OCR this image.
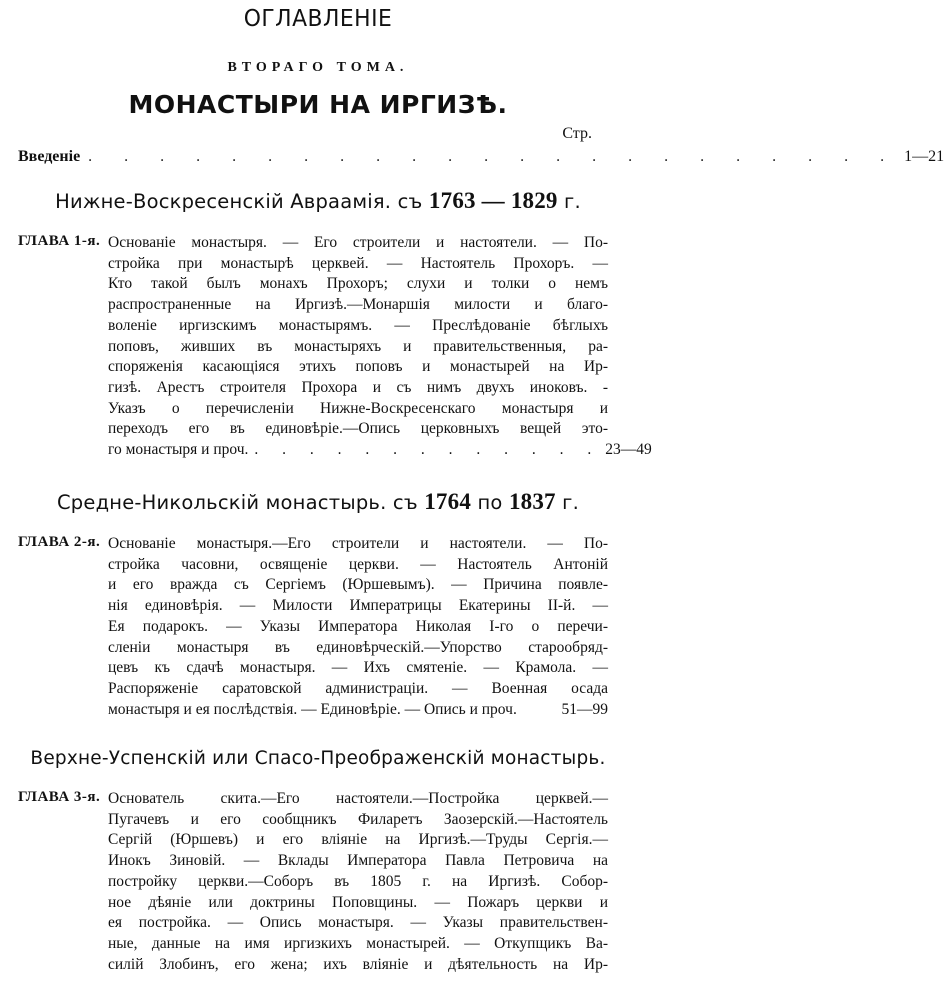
ОГЛАВЛЕНІЕ
ВТОРАГО ТОМА.
МОНАСТЫРИ НА ИРГИЗѢ.
Стр.
Введеніе . . . . . . . . . . . . . . . . . . . . . . . 1—21
Нижне-Воскресенскій Авраамія. съ 1763 — 1829 г.
ГЛАВА 1-я. Основаніе монастыря. — Его строители и настоятели. — По-
стройка при монастырѣ церквей. — Настоятель Прохоръ. —
Кто такой былъ монахъ Прохоръ; слухи и толки о немъ
распространенные на Иргизѣ.—Монаршія милости и благо-
воленіе иргизскимъ монастырямъ. — Преслѣдованіе бѣглыхъ
поповъ, живших въ монастыряхъ и правительственныя, ра-
споряженія касающіяся этихъ поповъ и монастырей на Ир-
гизѣ. Арестъ строителя Прохора и съ нимъ двухъ иноковъ. -
Указъ о перечисленіи Нижне-Воскресенскаго монастыря и
переходъ его въ единовѣріе.—Опись церковныхъ вещей это-
го монастыря и проч. . . . . . . . . . . . . . 23—49
Средне-Никольскій монастырь. съ 1764 по 1837 г.
ГЛАВА 2-я. Основаніе монастыря.—Его строители и настоятели. — По-
стройка часовни, освященіе церкви. — Настоятель Антоній
и его вражда съ Сергіемъ (Юршевымъ). — Причина появле-
нія единовѣрія. — Милости Императрицы Екатерины II-й. —
Ея подарокъ. — Указы Императора Николая I-го о перечи-
сленіи монастыря въ единовѣрческій.—Упорство старообряд-
цевъ къ сдачѣ монастыря. — Ихъ смятеніе. — Крамола. —
Распоряженіе саратовской администраціи. — Военная осада
монастыря и ея послѣдствія. — Единовѣріе. — Опись и проч.	51—99
Верхне-Успенскій или Спасо-Преображенскій монастырь.
ГЛАВА 3-я. Основатель скита.—Его настоятели.—Постройка церквей.—
Пугачевъ и его сообщникъ Филаретъ Заозерскій.—Настоятель
Сергій (Юршевъ) и его вліяніе на Иргизѣ.—Труды Сергія.—
Инокъ Зиновій. — Вклады Императора Павла Петровича на
постройку церкви.—Соборъ въ 1805 г. на Иргизѣ. Собор-
ное дѣяніе или доктрины Поповщины. — Пожаръ церкви и
ея постройка. — Опись монастыря. — Указы правительствен-
ные, данные на имя иргизкихъ монастырей. — Откупщикъ Ва-
силій Злобинъ, его жена; ихъ вліяніе и дѣятельность на Ир-
